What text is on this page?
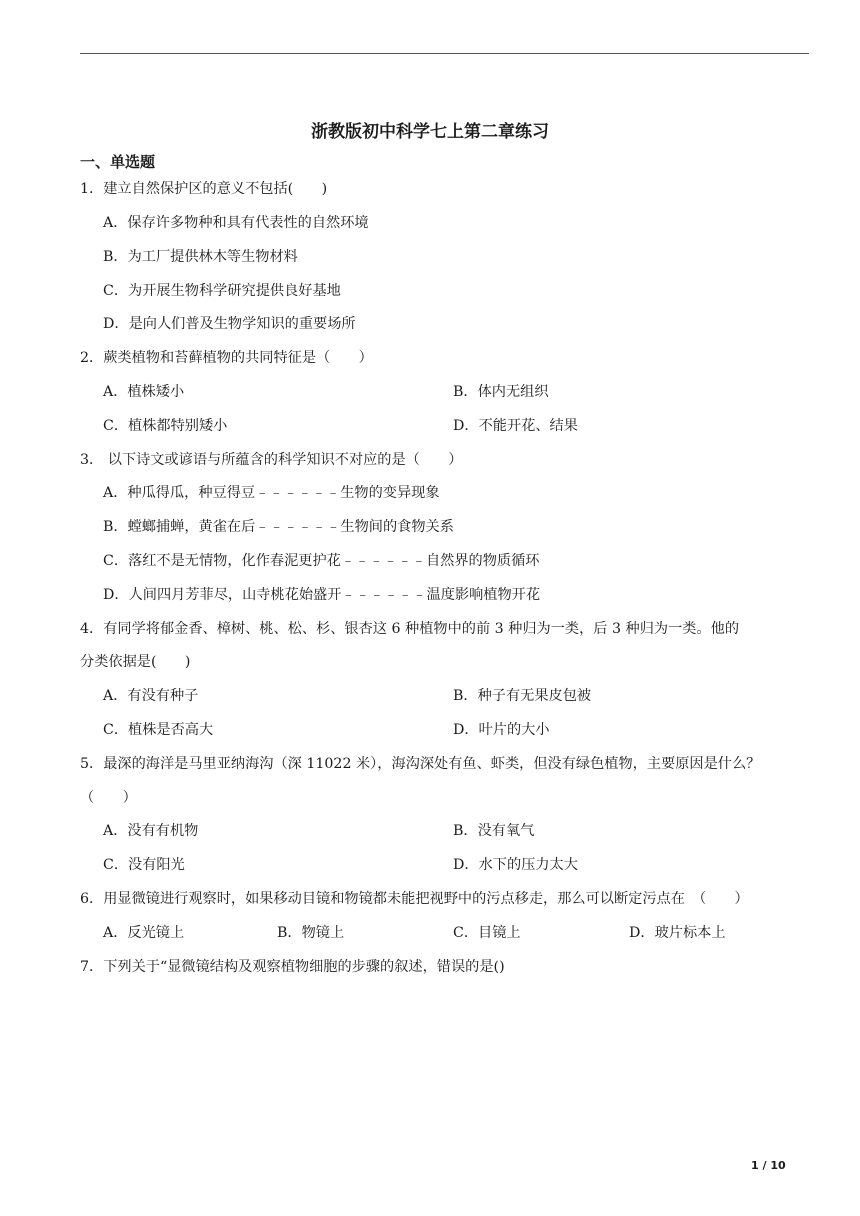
浙教版初中科学七上第二章练习
一、单选题
1．建立自然保护区的意义不包括(　　)
A．保存许多物种和具有代表性的自然环境
B．为工厂提供林木等生物材料
C．为开展生物科学研究提供良好基地
D．是向人们普及生物学知识的重要场所
2．蕨类植物和苔藓植物的共同特征是（　　）
A．植株矮小	B．体内无组织
C．植株都特别矮小	D．不能开花、结果
3． 以下诗文或谚语与所蕴含的科学知识不对应的是（　　）
A．种瓜得瓜，种豆得豆﹣﹣﹣﹣﹣﹣生物的变异现象
B．螳螂捕蝉，黄雀在后﹣﹣﹣﹣﹣﹣生物间的食物关系
C．落红不是无情物，化作春泥更护花﹣﹣﹣﹣﹣﹣自然界的物质循环
D．人间四月芳菲尽，山寺桃花始盛开﹣﹣﹣﹣﹣﹣温度影响植物开花
4．有同学将郁金香、樟树、桃、松、杉、银杏这 6 种植物中的前 3 种归为一类，后 3 种归为一类。他的
分类依据是(　　)
A．有没有种子	B．种子有无果皮包被
C．植株是否高大	D．叶片的大小
5．最深的海洋是马里亚纳海沟（深 11022 米），海沟深处有鱼、虾类，但没有绿色植物，主要原因是什么？
（　　）
A．没有有机物	B．没有氧气
C．没有阳光	D．水下的压力太大
6．用显微镜进行观察时，如果移动目镜和物镜都未能把视野中的污点移走，那么可以断定污点在　（　　）
A．反光镜上	B．物镜上	C．目镜上	D．玻片标本上
7．下列关于“显微镜结构及观察植物细胞的步骤的叙述，错误的是()
1 / 10
